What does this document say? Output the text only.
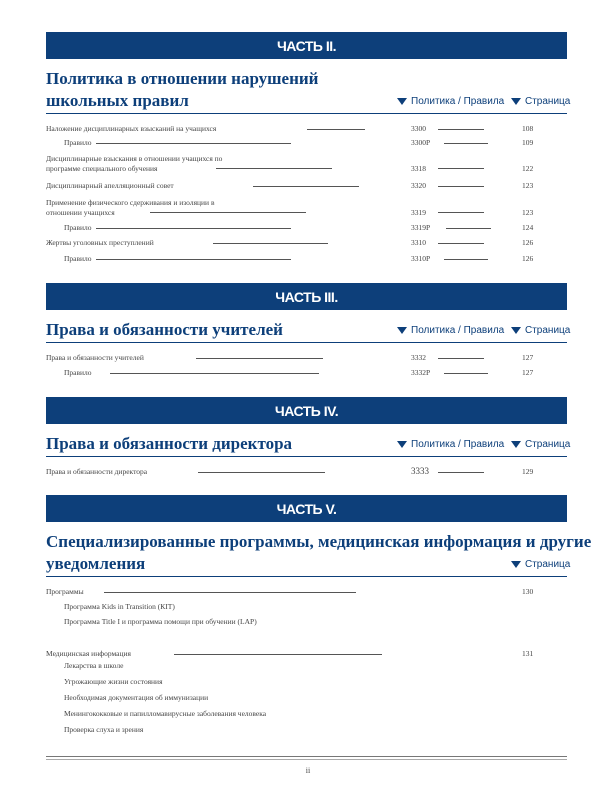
ЧАСТЬ II.
Политика в отношении нарушений
школьных правил	Политика / Правила Страница
Наложение дисциплинарных взысканий на учащихся	3300	108
Правило	3300P	109
Дисциплинарные взыскания в отношении учащихся по
программе специального обучения	3318	122
Дисциплинарный апелляционный совет	3320	123
Применение физического сдерживания и изоляции в
отношении учащихся	3319	123
Правило	3319P	124
Жертвы уголовных преступлений	3310	126
Правило	3310P	126
ЧАСТЬ III.
Права и обязанности учителей	Политика / Правила Страница
Права и обязанности учителей	3332	127
Правило	3332P	127
ЧАСТЬ IV.
Права и обязанности директора	Политика / Правила Страница
Права и обязанности директора	3333	129
ЧАСТЬ V.
Специализированные программы, медицинская информация и другие
уведомления	Страница
Программы	130
Программа Kids in Transition (КІТ)
Программа Title I и программа помощи при обучении (LAP)
Медицинская информация	131
Лекарства в школе
Угрожающие жизни состояния
Необходимая документация об иммунизации
Менингококковые и папилломавирусные заболевания человека
Проверка слуха и зрения
ii
